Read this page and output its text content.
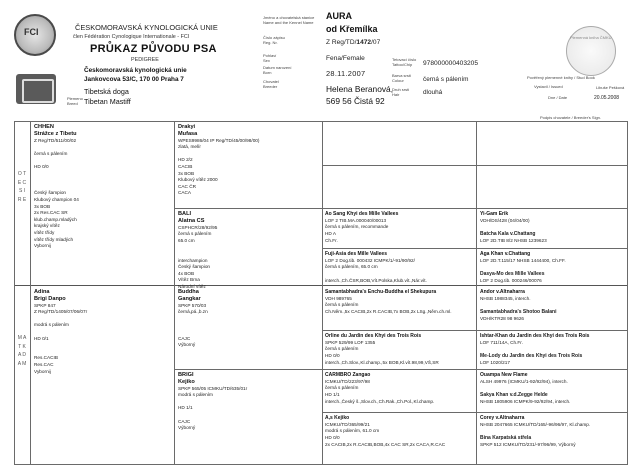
FCI	ČESKOMORAVSKÁ KYNOLOGICKÁ UNIE
člen Fédération Cynologique Internationale - FCI
PRŮKAZ PŮVODU PSA
PEDIGREE
Českomoravská kynologická unie
Jankovcova 53/C, 170 00 Praha 7
Plemeno
Breed
Tibetská doga
Tibetan Mastiff
Jméno a chovatelská stanice
Name and the Kennel Name
AURA
od Křemílka
Číslo zápisu
Reg. Nr.	Z Reg/TD/1472/07
Pohlaví
Sex	Fena/Female
Datum narození
Born	28.11.2007
Chovatel
Breeder	Helena Beranová,
569 56 Čistá 92
Tetovací číslo
Tattoo/Chip	978000000403205
Barva srsti
Colour	černá s pálením
Druh srsti
Hair	dlouhá
Plemenná kniha ČMKU
Pověřený plemenné knihy / Stud Book
Vystavil / Issued	Libuše Pešková
Dne / Date	20.05.2008
Podpis chovatele / Breeder's Sign.
O T E C S I R E
M A T K A D A M
CHHEN
Strážce z Tibetu
Z Reg/TD/511/00/02

černá s pálením

HD 0/0

Český šampion
Klubový champion 04
3x BOB
2x Res.CAC SR
klub.champ.mladých
krajský vítěz
vítěz třídy
vítěz třídy mladých
Vybornij
Drakyi
Mufasa
WPES9986/04 IP Reg/TD/45/00/98/00)
zlatá, melír

HD 2/2
CACIB
3x BOB
Klubový vítěz 2000
CAC ČR
CACA
BALI
Alatna CS
CSPHCR/28/92/95
černá s pálením
65.0 cm

interchampion
Český šampion
4x BOB
Vítěz Brna
Národní vítěz
Adina
Brigi Danpo
SPKP 847
Z Reg/TD/1405/07/06/07r

modrá s pálením

HD 0/1

Res.CACIB
Res.CAC
Vybornij
Buddha
Gangkar
SPKP 570/03
černá,pá.,b.zn

CAJC
Výborný
BRIGI
Kejiko
SPKP 565/05 ICMKU/TD/635/01r
modrá s pálením

HD 1/1

CAJC
Výborný
Ao Sang Khyi des Mille Vallees
LOF 2 TIB.MA.000040/00013
černá s pálením, recommande
HD A
Ch.Fr.
Yi-Gam Erik
VDH/DS/428 (04/04/00)

Batcha Kala v.Chattang
LOF 2D.TIB 8/2 NHSB 1239623
Fuji-Asia des Mille Vallees
LOF 2 Dog.tib. 000432 ICMPK/1/-91/90/92/
černá s pálením, 65.0 cm

interch.,Ch.ČSR,BOB,Vít.Polska,Klub.vít.,Nár.vít.
Aga Khan v.Chattang
LOF 2D.T.115/17 NHSB 1444400, Ch.FF.

Dasya-Mo des Mille Vallees
LOF 2 Dog.tib. 000246/00076
Samantabhadra's Enchu-Buddha el Shekupura
VDH 989765
černá s pálením
Ch.Něm.,5x CACIB,2x R.CACIB,7x BOB,2x LSg.,Něm.ch.ml.
Andor v.Altnaharra
NHSB 1988345, interch.

Samantabhadra's Shotoo Balani
VDH/KTR28 98 9626
Orline du Jardin des Khyi des Trois Rois
SPKP 529/99 LOF 1355
černá s pálením
HD 0/0
interch.,Ch.Slov.,Kl.champ.,5x BOB,Kl.vít.98,99,VŠ,SR
Ishtar-Khan du Jardin des Khyi des Trois Rois
LOF 711/14A, Ch.Fr.

Me-Lody du Jardin des Khyi des Trois Rois
LOF 1020/217
CARMBRO Zangao
ICMKU/TD/223/97/98
černá s pálením
HD 1/1
interch.,Český š.,Slov.ch.,Ch.Rak.,Ch.Pol.,Kl.champ.
Ouampa New Flame
ALSH 49976 (ICMKU/1-92/92/94), interch.

Sakya Khan v.d.Zegge Helde
NHSB 1805906 ICMPK/9-92/92/94, interch.
A,s Kejiko
ICMKU/TD/365/99/21
modrá s pálením, 61.0 cm
HD 0/0
2x CACIB,2x R.CACIB,BOB,4x CAC SR,2x CACA,R.CAC
Corey v.Altnaharra
NHSB 2047665 ICMKU/TD/165/-96/96/97, Kl.champ.

Bina Karpatská střela
SPKP 512 ICMKU/TD/231/-97/96/99, Výborný
